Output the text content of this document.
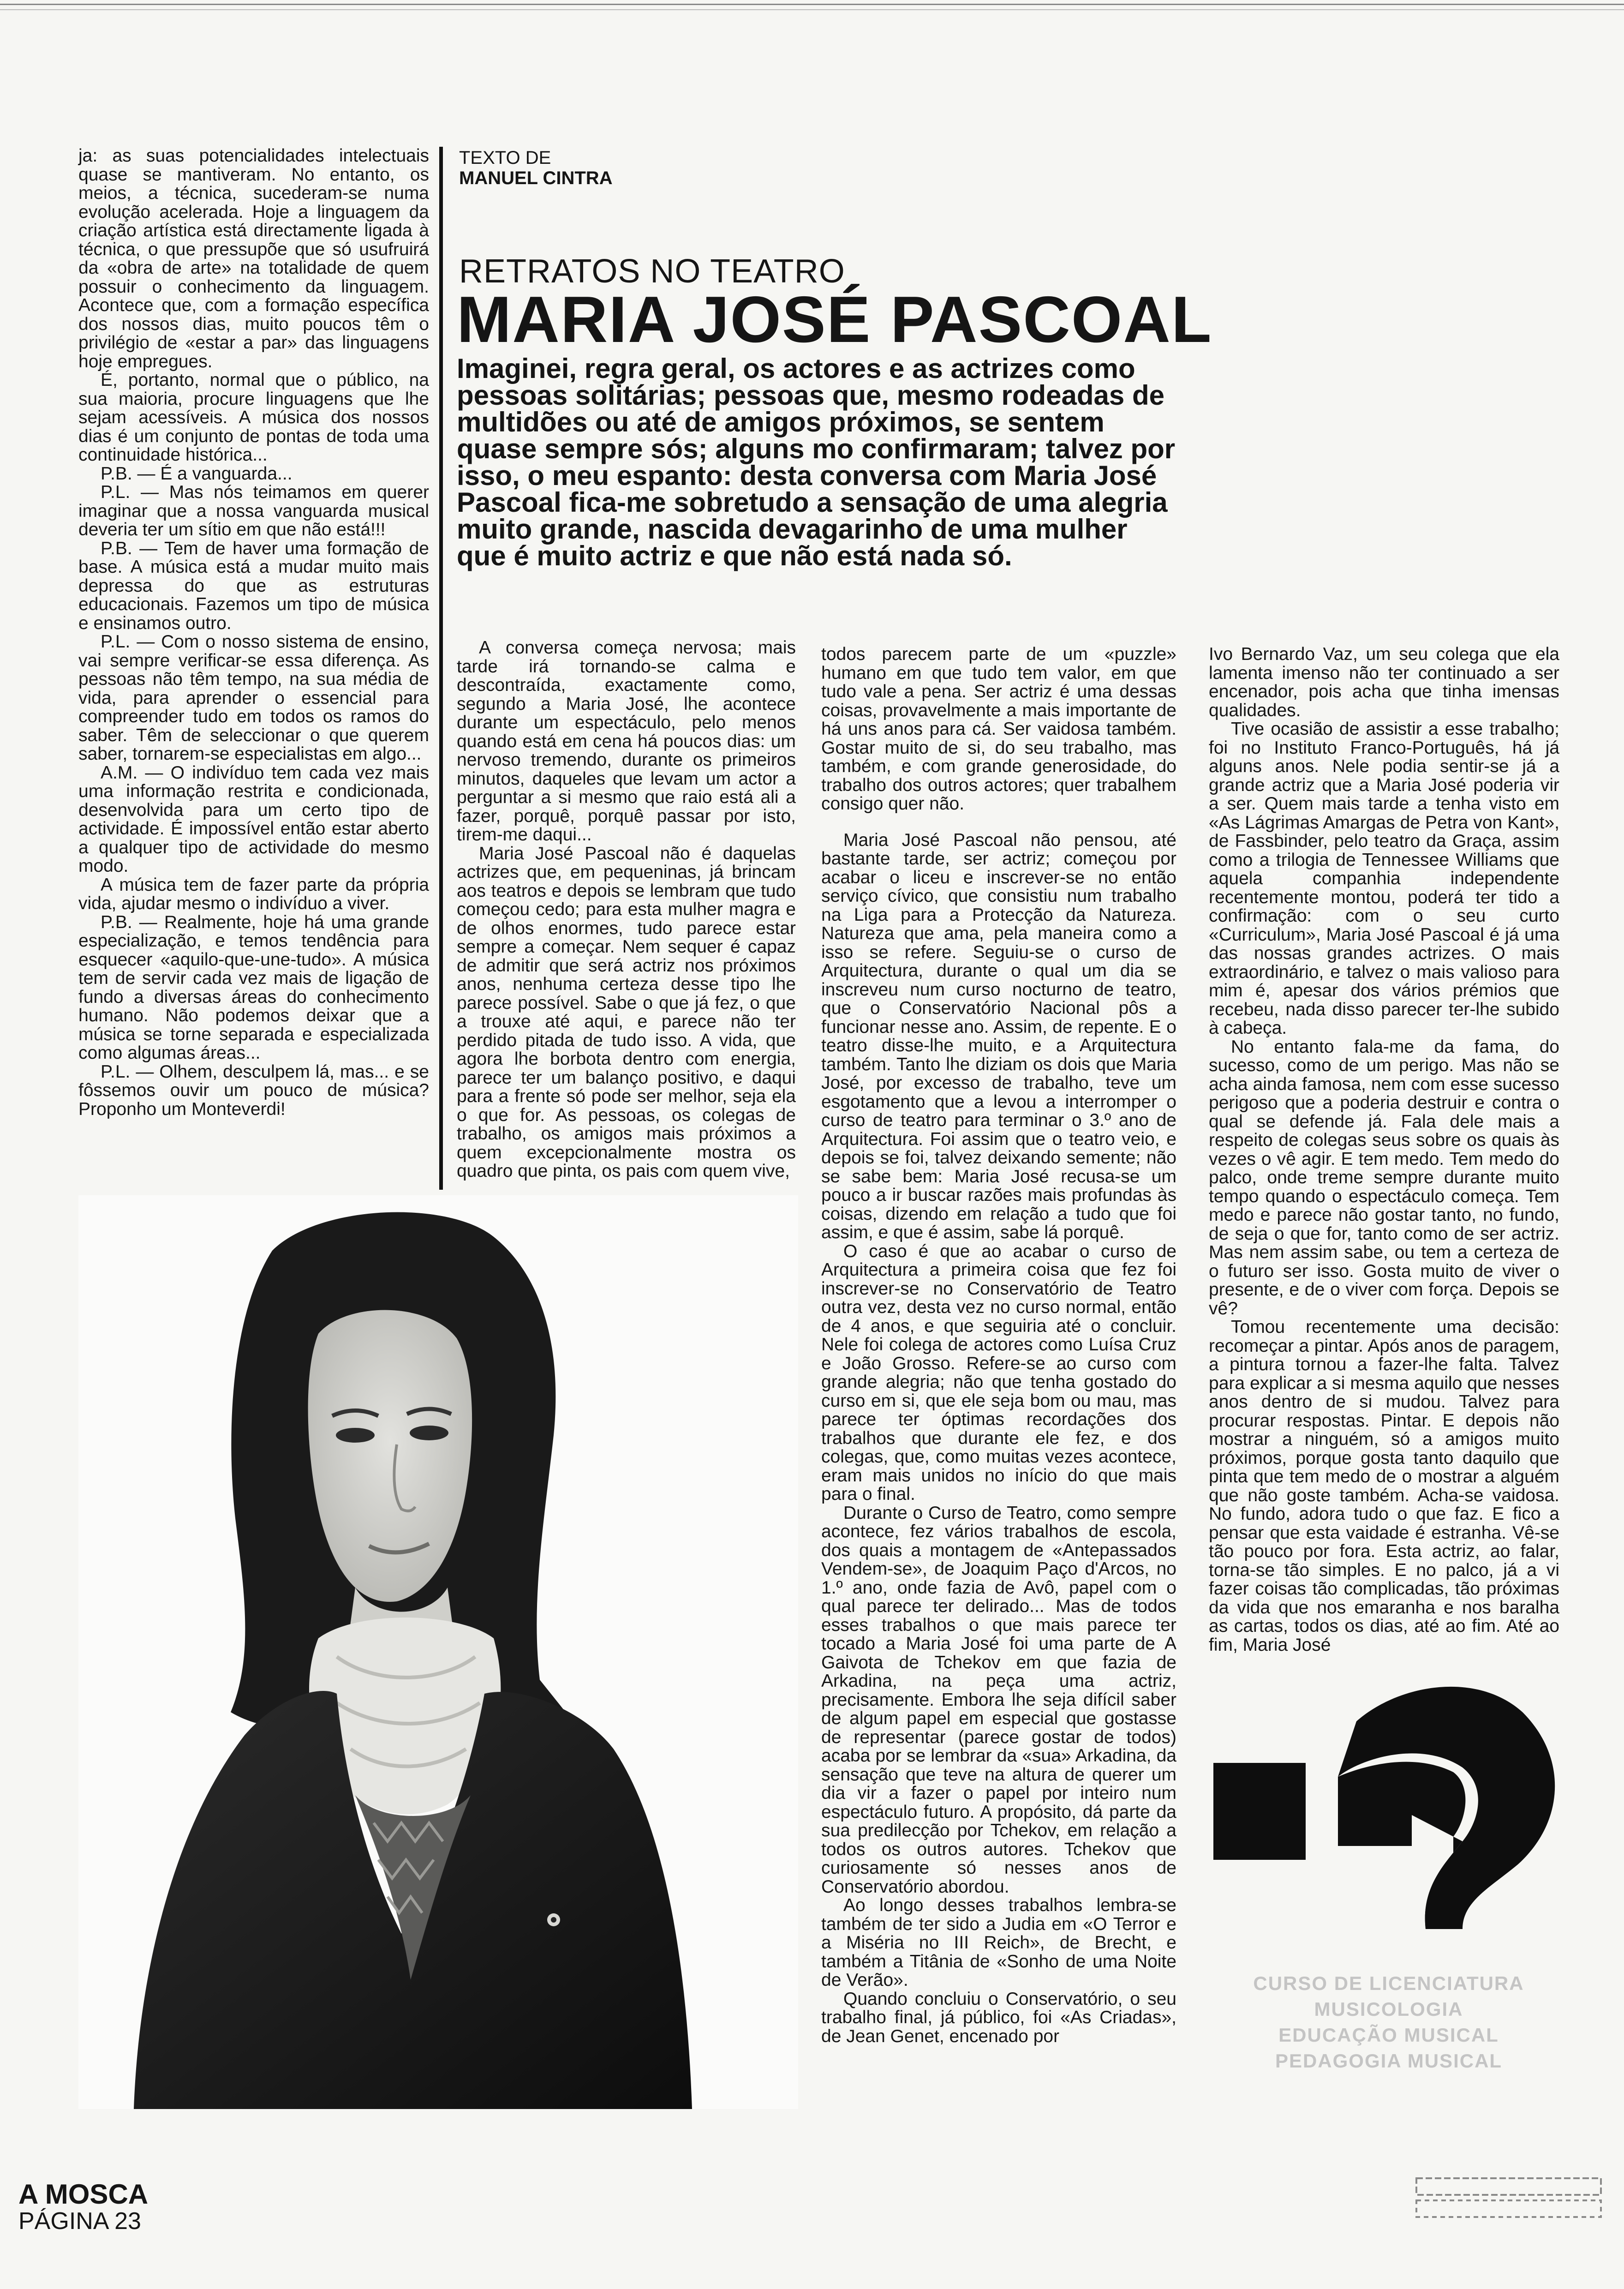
ja: as suas potencialidades intelectuais quase se mantiveram. No entanto, os meios, a técnica, sucederam-se numa evolução acelerada. Hoje a linguagem da criação artística está directamente ligada à técnica, o que pressupõe que só usufruirá da «obra de arte» na totalidade de quem possuir o conhecimento da linguagem. Acontece que, com a formação específica dos nossos dias, muito poucos têm o privilégio de «estar a par» das linguagens hoje empregues.

É, portanto, normal que o público, na sua maioria, procure linguagens que lhe sejam acessíveis. A música dos nossos dias é um conjunto de pontas de toda uma continuidade histórica...

P.B. — É a vanguarda...

P.L. — Mas nós teimamos em querer imaginar que a nossa vanguarda musical deveria ter um sítio em que não está!!!

P.B. — Tem de haver uma formação de base. A música está a mudar muito mais depressa do que as estruturas educacionais. Fazemos um tipo de música e ensinamos outro.

P.L. — Com o nosso sistema de ensino, vai sempre verificar-se essa diferença. As pessoas não têm tempo, na sua média de vida, para aprender o essencial para compreender tudo em todos os ramos do saber. Têm de seleccionar o que querem saber, tornarem-se especialistas em algo...

A.M. — O indivíduo tem cada vez mais uma informação restrita e condicionada, desenvolvida para um certo tipo de actividade. É impossível então estar aberto a qualquer tipo de actividade do mesmo modo.

A música tem de fazer parte da própria vida, ajudar mesmo o indivíduo a viver.

P.B. — Realmente, hoje há uma grande especialização, e temos tendência para esquecer «aquilo-que-une-tudo». A música tem de servir cada vez mais de ligação de fundo a diversas áreas do conhecimento humano. Não podemos deixar que a música se torne separada e especializada como algumas áreas...

P.L. — Olhem, desculpem lá, mas... e se fôssemos ouvir um pouco de música? Proponho um Monteverdi!

TEXTO DE
MANUEL CINTRA
RETRATOS NO TEATRO
MARIA JOSÉ PASCOAL
Imaginei, regra geral, os actores e as actrizes como pessoas solitárias; pessoas que, mesmo rodeadas de multidões ou até de amigos próximos, se sentem quase sempre sós; alguns mo confirmaram; talvez por isso, o meu espanto: desta conversa com Maria José Pascoal fica-me sobretudo a sensação de uma alegria muito grande, nascida devagarinho de uma mulher que é muito actriz e que não está nada só.

A conversa começa nervosa; mais tarde irá tornando-se calma e descontraída, exactamente como, segundo a Maria José, lhe acontece durante um espectáculo, pelo menos quando está em cena há poucos dias: um nervoso tremendo, durante os primeiros minutos, daqueles que levam um actor a perguntar a si mesmo que raio está ali a fazer, porquê, porquê passar por isto, tirem-me daqui...

Maria José Pascoal não é daquelas actrizes que, em pequeninas, já brincam aos teatros e depois se lembram que tudo começou cedo; para esta mulher magra e de olhos enormes, tudo parece estar sempre a começar. Nem sequer é capaz de admitir que será actriz nos próximos anos, nenhuma certeza desse tipo lhe parece possível. Sabe o que já fez, o que a trouxe até aqui, e parece não ter perdido pitada de tudo isso. A vida, que agora lhe borbota dentro com energia, parece ter um balanço positivo, e daqui para a frente só pode ser melhor, seja ela o que for. As pessoas, os colegas de trabalho, os amigos mais próximos a quem excepcionalmente mostra os quadro que pinta, os pais com quem vive,

todos parecem parte de um «puzzle» humano em que tudo tem valor, em que tudo vale a pena. Ser actriz é uma dessas coisas, provavelmente a mais importante de há uns anos para cá. Ser vaidosa também. Gostar muito de si, do seu trabalho, mas também, e com grande generosidade, do trabalho dos outros actores; quer trabalhem consigo quer não.

Maria José Pascoal não pensou, até bastante tarde, ser actriz; começou por acabar o liceu e inscrever-se no então serviço cívico, que consistiu num trabalho na Liga para a Protecção da Natureza. Natureza que ama, pela maneira como a isso se refere. Seguiu-se o curso de Arquitectura, durante o qual um dia se inscreveu num curso nocturno de teatro, que o Conservatório Nacional pôs a funcionar nesse ano. Assim, de repente. E o teatro disse-lhe muito, e a Arquitectura também. Tanto lhe diziam os dois que Maria José, por excesso de trabalho, teve um esgotamento que a levou a interromper o curso de teatro para terminar o 3.º ano de Arquitectura. Foi assim que o teatro veio, e depois se foi, talvez deixando semente; não se sabe bem: Maria José recusa-se um pouco a ir buscar razões mais profundas às coisas, dizendo em relação a tudo que foi assim, e que é assim, sabe lá porquê.

O caso é que ao acabar o curso de Arquitectura a primeira coisa que fez foi inscrever-se no Conservatório de Teatro outra vez, desta vez no curso normal, então de 4 anos, e que seguiria até o concluir. Nele foi colega de actores como Luísa Cruz e João Grosso. Refere-se ao curso com grande alegria; não que tenha gostado do curso em si, que ele seja bom ou mau, mas parece ter óptimas recordações dos trabalhos que durante ele fez, e dos colegas, que, como muitas vezes acontece, eram mais unidos no início do que mais para o final.

Durante o Curso de Teatro, como sempre acontece, fez vários trabalhos de escola, dos quais a montagem de «Antepassados Vendem-se», de Joaquim Paço d'Arcos, no 1.º ano, onde fazia de Avô, papel com o qual parece ter delirado... Mas de todos esses trabalhos o que mais parece ter tocado a Maria José foi uma parte de A Gaivota de Tchekov em que fazia de Arkadina, na peça uma actriz, precisamente. Embora lhe seja difícil saber de algum papel em especial que gostasse de representar (parece gostar de todos) acaba por se lembrar da «sua» Arkadina, da sensação que teve na altura de querer um dia vir a fazer o papel por inteiro num espectáculo futuro. A propósito, dá parte da sua predilecção por Tchekov, em relação a todos os outros autores. Tchekov que curiosamente só nesses anos de Conservatório abordou.

Ao longo desses trabalhos lembra-se também de ter sido a Judia em «O Terror e a Miséria no III Reich», de Brecht, e também a Titânia de «Sonho de uma Noite de Verão».

Quando concluiu o Conservatório, o seu trabalho final, já público, foi «As Criadas», de Jean Genet, encenado por

Ivo Bernardo Vaz, um seu colega que ela lamenta imenso não ter continuado a ser encenador, pois acha que tinha imensas qualidades.

Tive ocasião de assistir a esse trabalho; foi no Instituto Franco-Português, há já alguns anos. Nele podia sentir-se já a grande actriz que a Maria José poderia vir a ser. Quem mais tarde a tenha visto em «As Lágrimas Amargas de Petra von Kant», de Fassbinder, pelo teatro da Graça, assim como a trilogia de Tennessee Williams que aquela companhia independente recentemente montou, poderá ter tido a confirmação: com o seu curto «Curriculum», Maria José Pascoal é já uma das nossas grandes actrizes. O mais extraordinário, e talvez o mais valioso para mim é, apesar dos vários prémios que recebeu, nada disso parecer ter-lhe subido à cabeça.

No entanto fala-me da fama, do sucesso, como de um perigo. Mas não se acha ainda famosa, nem com esse sucesso perigoso que a poderia destruir e contra o qual se defende já. Fala dele mais a respeito de colegas seus sobre os quais às vezes o vê agir. E tem medo. Tem medo do palco, onde treme sempre durante muito tempo quando o espectáculo começa. Tem medo e parece não gostar tanto, no fundo, de seja o que for, tanto como de ser actriz. Mas nem assim sabe, ou tem a certeza de o futuro ser isso. Gosta muito de viver o presente, e de o viver com força. Depois se vê?

Tomou recentemente uma decisão: recomeçar a pintar. Após anos de paragem, a pintura tornou a fazer-lhe falta. Talvez para explicar a si mesma aquilo que nesses anos dentro de si mudou. Talvez para procurar respostas. Pintar. E depois não mostrar a ninguém, só a amigos muito próximos, porque gosta tanto daquilo que pinta que tem medo de o mostrar a alguém que não goste também. Acha-se vaidosa. No fundo, adora tudo o que faz. E fico a pensar que esta vaidade é estranha. Vê-se tão pouco por fora. Esta actriz, ao falar, torna-se tão simples. E no palco, já a vi fazer coisas tão complicadas, tão próximas da vida que nos emaranha e nos baralha as cartas, todos os dias, até ao fim. Até ao fim, Maria José

CURSO DE LICENCIATURA
MUSICOLOGIA
EDUCAÇÃO MUSICAL
PEDAGOGIA MUSICAL
A MOSCA
PÁGINA 23
